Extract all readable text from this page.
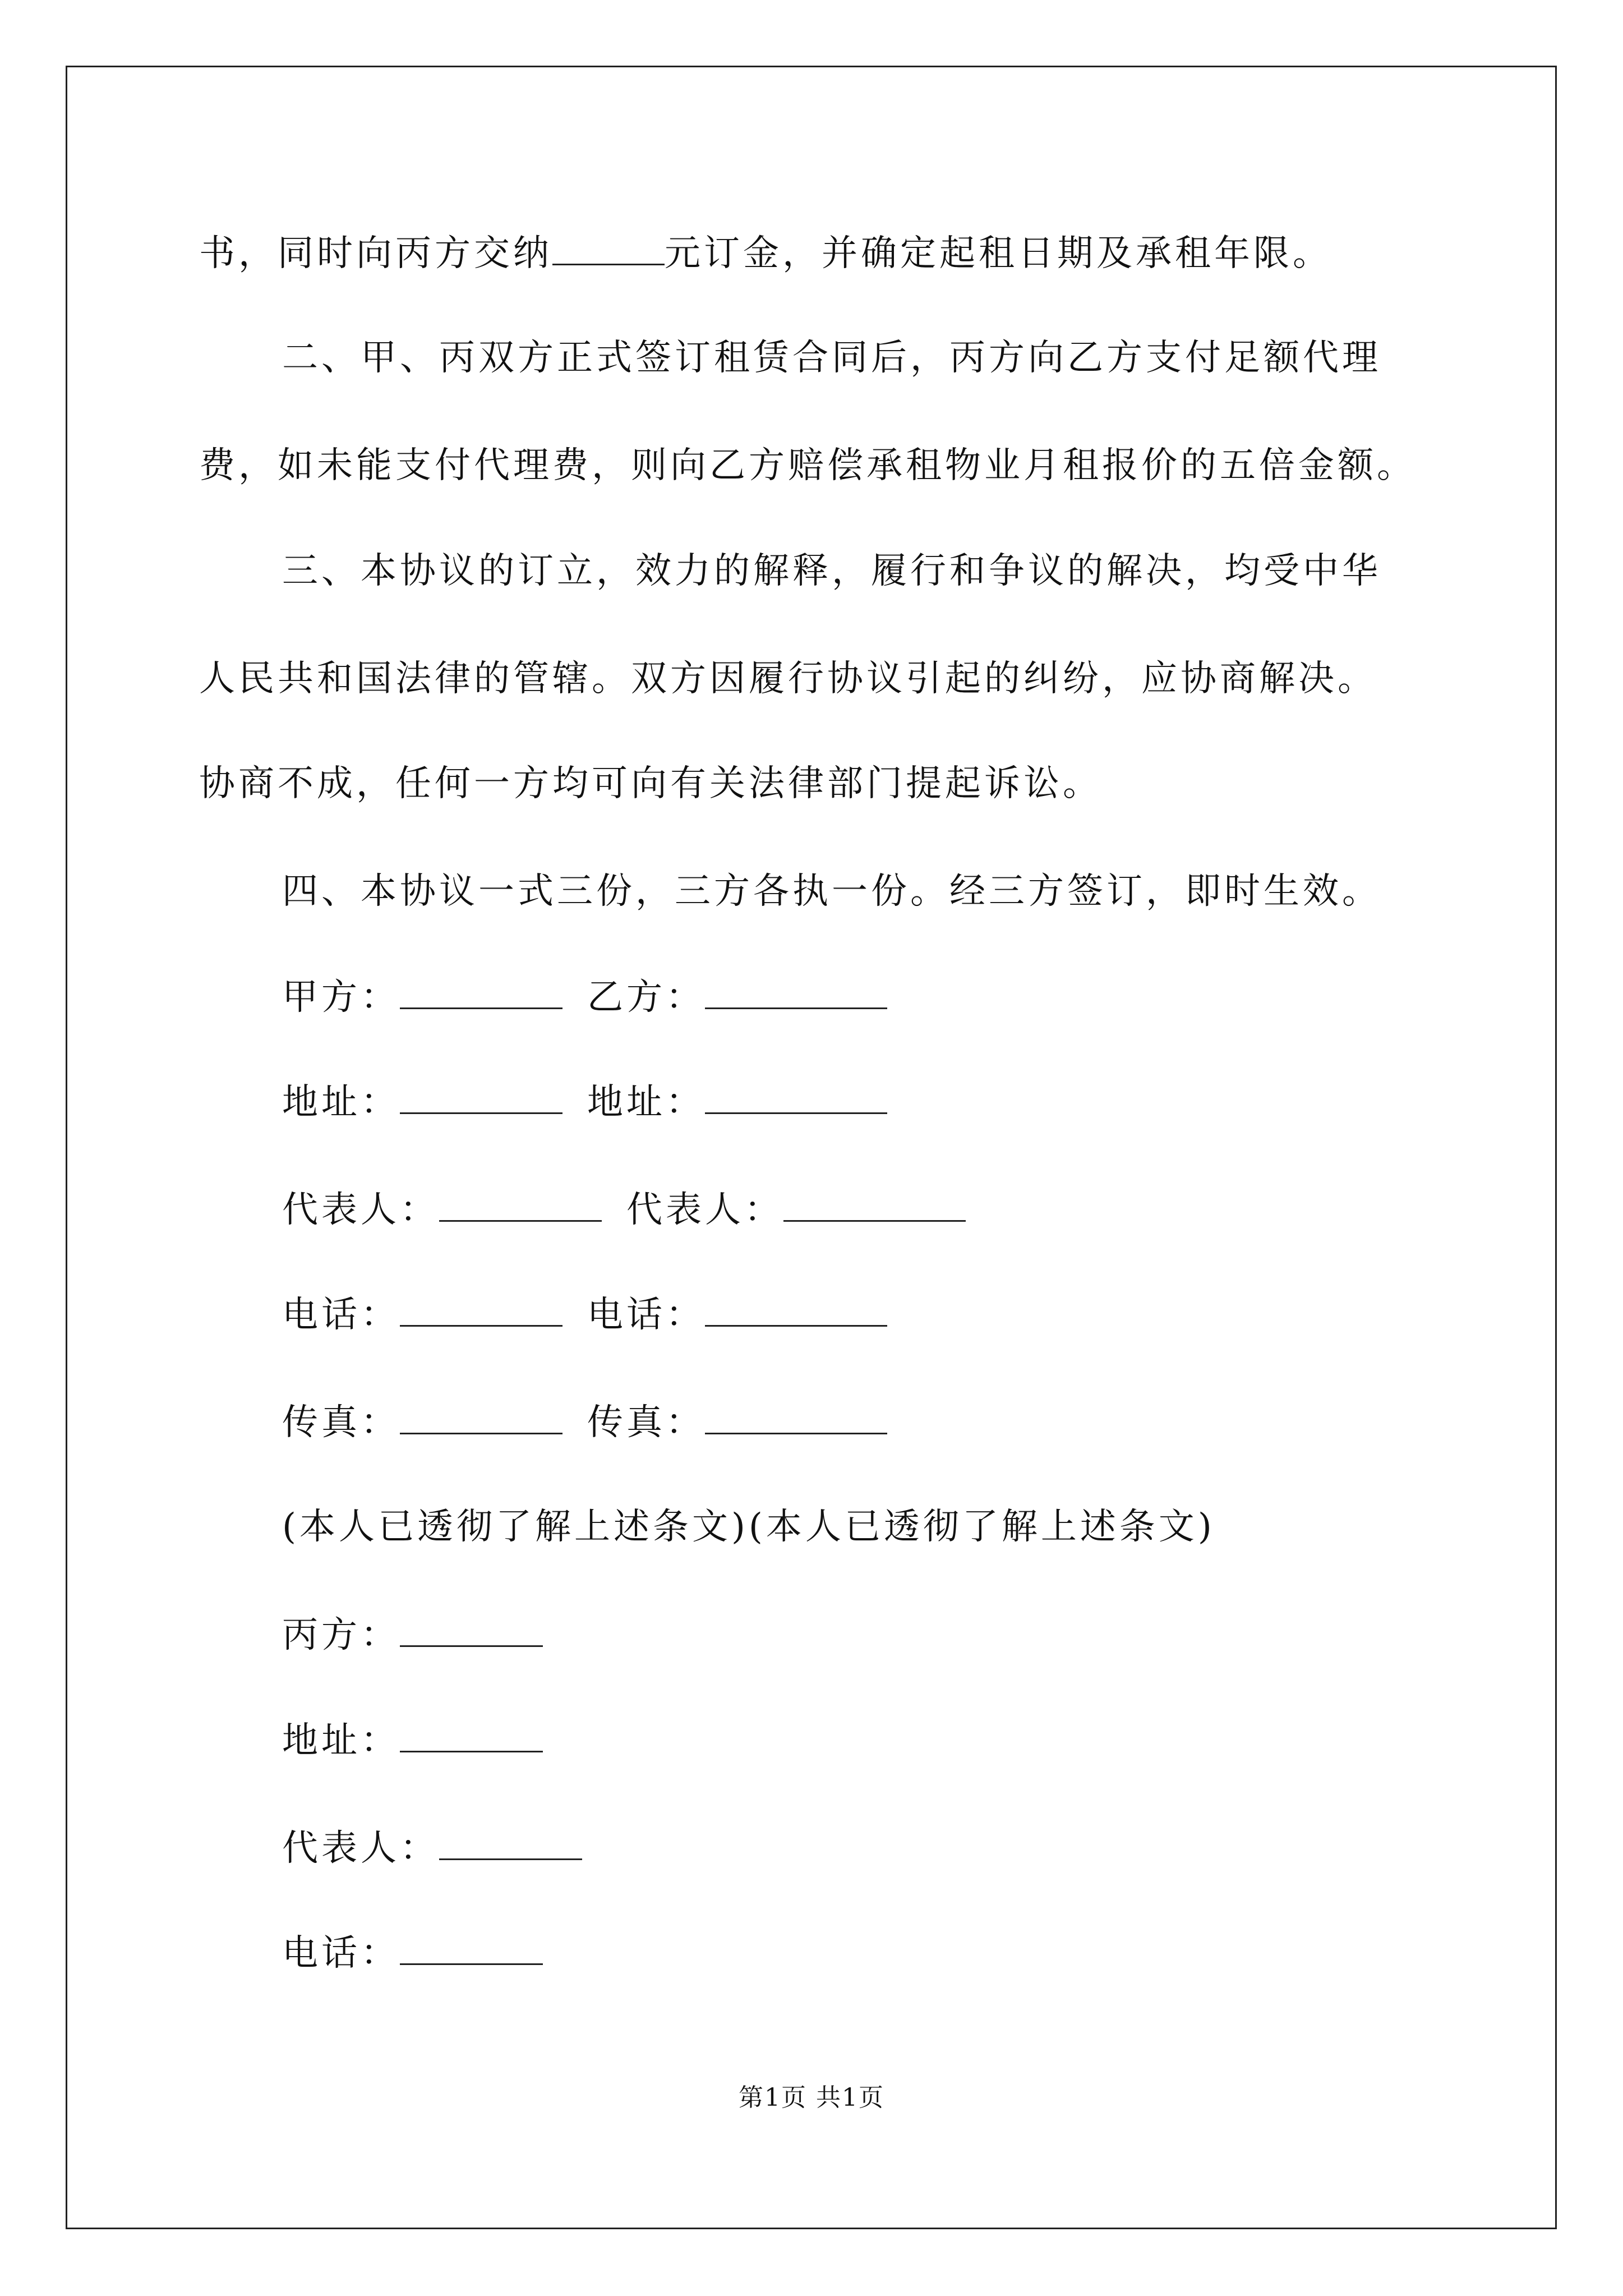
书，同时向丙方交纳	元订金，并确定起租日期及承租年限。
二、甲、丙双方正式签订租赁合同后，丙方向乙方支付足额代理
费，如未能支付代理费，则向乙方赔偿承租物业月租报价的五倍金额。
三、本协议的订立，效力的解释，履行和争议的解决，均受中华
人民共和国法律的管辖。双方因履行协议引起的纠纷，应协商解决。
协商不成，任何一方均可向有关法律部门提起诉讼。
四、本协议一式三份，三方各执一份。经三方签订，即时生效。
甲方：	乙方：
地址：	地址：
代表人：	代表人：
电话：	电话：
传真：	传真：
(本人已透彻了解上述条文)(本人已透彻了解上述条文)
丙方：
地址：
代表人：
电话：
第1页 共1页
